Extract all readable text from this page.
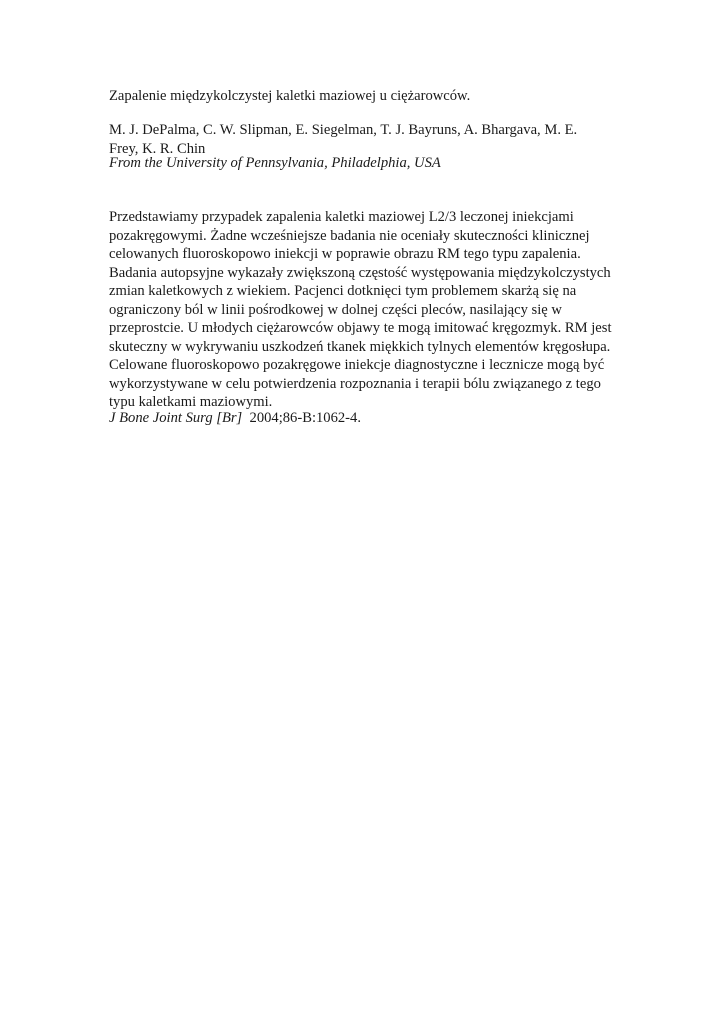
Zapalenie międzykolczystej kaletki maziowej u ciężarowców.
M. J. DePalma, C. W. Slipman, E. Siegelman, T. J. Bayruns, A. Bhargava, M. E.
Frey, K. R. Chin
From the University of Pennsylvania, Philadelphia, USA
Przedstawiamy przypadek zapalenia kaletki maziowej L2/3 leczonej iniekcjami
pozakręgowymi. Żadne wcześniejsze badania nie oceniały skuteczności klinicznej
celowanych fluoroskopowo iniekcji w poprawie obrazu RM tego typu zapalenia.
Badania autopsyjne wykazały zwiększoną częstość występowania międzykolczystych
zmian kaletkowych z wiekiem. Pacjenci dotknięci tym problemem skarżą się na
ograniczony ból w linii pośrodkowej w dolnej części pleców, nasilający się w
przeprostcie. U młodych ciężarowców objawy te mogą imitować kręgozmyk. RM jest
skuteczny w wykrywaniu uszkodzeń tkanek miękkich tylnych elementów kręgosłupa.
Celowane fluoroskopowo pozakręgowe iniekcje diagnostyczne i lecznicze mogą być
wykorzystywane w celu potwierdzenia rozpoznania i terapii bólu związanego z tego
typu kaletkami maziowymi.
J Bone Joint Surg [Br] 2004;86-B:1062-4.
